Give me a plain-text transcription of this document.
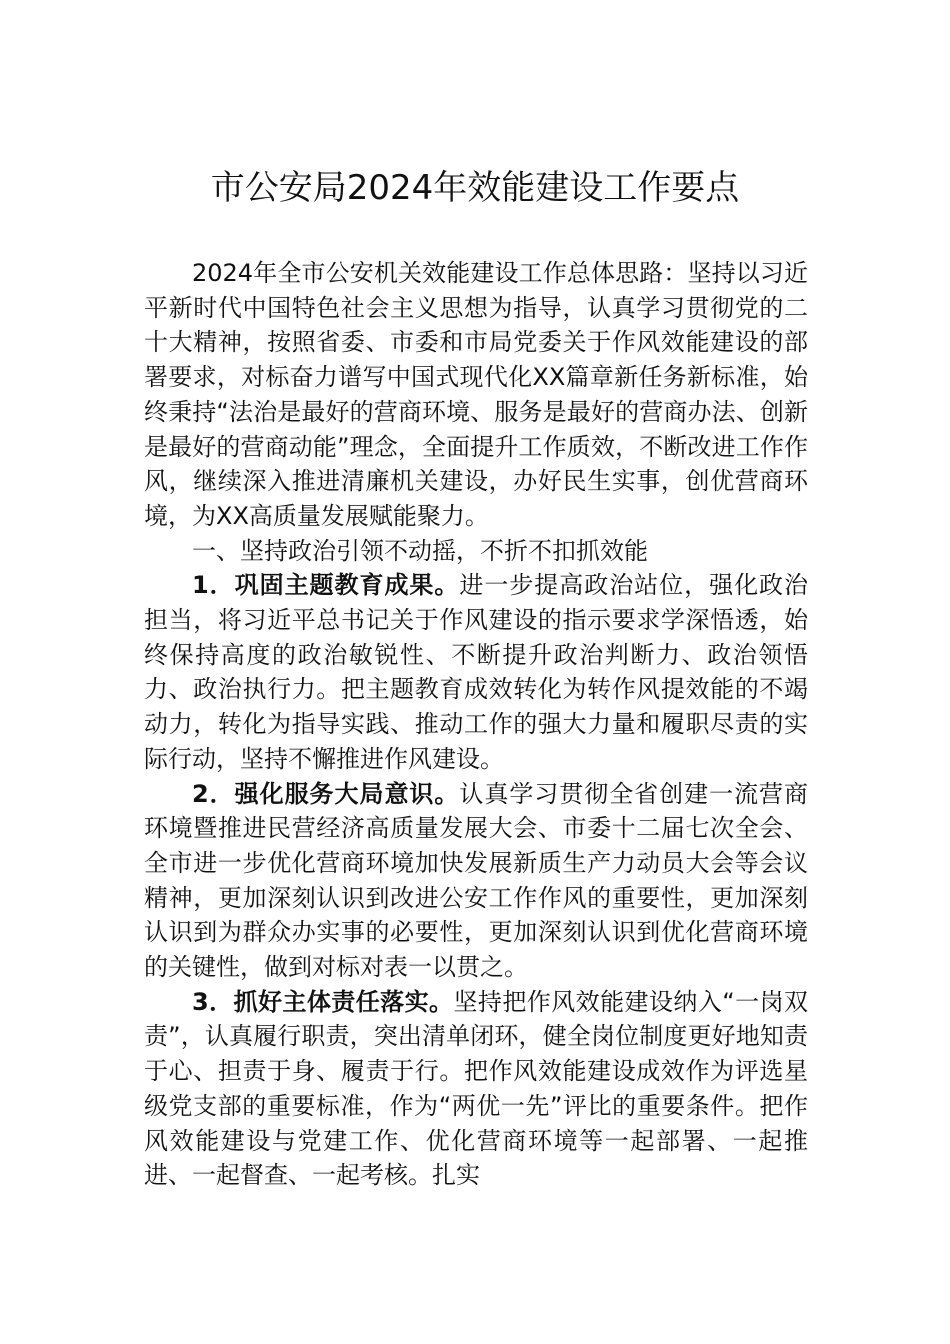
市公安局2024年效能建设工作要点

2024年全市公安机关效能建设工作总体思路：坚持以习近平新时代中国特色社会主义思想为指导，认真学习贯彻党的二十大精神，按照省委、市委和市局党委关于作风效能建设的部署要求，对标奋力谱写中国式现代化XX篇章新任务新标准，始终秉持“法治是最好的营商环境、服务是最好的营商办法、创新是最好的营商动能”理念，全面提升工作质效，不断改进工作作风，继续深入推进清廉机关建设，办好民生实事，创优营商环境，为XX高质量发展赋能聚力。

一、坚持政治引领不动摇，不折不扣抓效能

1．巩固主题教育成果。进一步提高政治站位，强化政治担当，将习近平总书记关于作风建设的指示要求学深悟透，始终保持高度的政治敏锐性、不断提升政治判断力、政治领悟力、政治执行力。把主题教育成效转化为转作风提效能的不竭动力，转化为指导实践、推动工作的强大力量和履职尽责的实际行动，坚持不懈推进作风建设。

2．强化服务大局意识。认真学习贯彻全省创建一流营商环境暨推进民营经济高质量发展大会、市委十二届七次全会、全市进一步优化营商环境加快发展新质生产力动员大会等会议精神，更加深刻认识到改进公安工作作风的重要性，更加深刻认识到为群众办实事的必要性，更加深刻认识到优化营商环境的关键性，做到对标对表一以贯之。

3．抓好主体责任落实。坚持把作风效能建设纳入“一岗双责”，认真履行职责，突出清单闭环，健全岗位制度更好地知责于心、担责于身、履责于行。把作风效能建设成效作为评选星级党支部的重要标准，作为“两优一先”评比的重要条件。把作风效能建设与党建工作、优化营商环境等一起部署、一起推进、一起督查、一起考核。扎实
